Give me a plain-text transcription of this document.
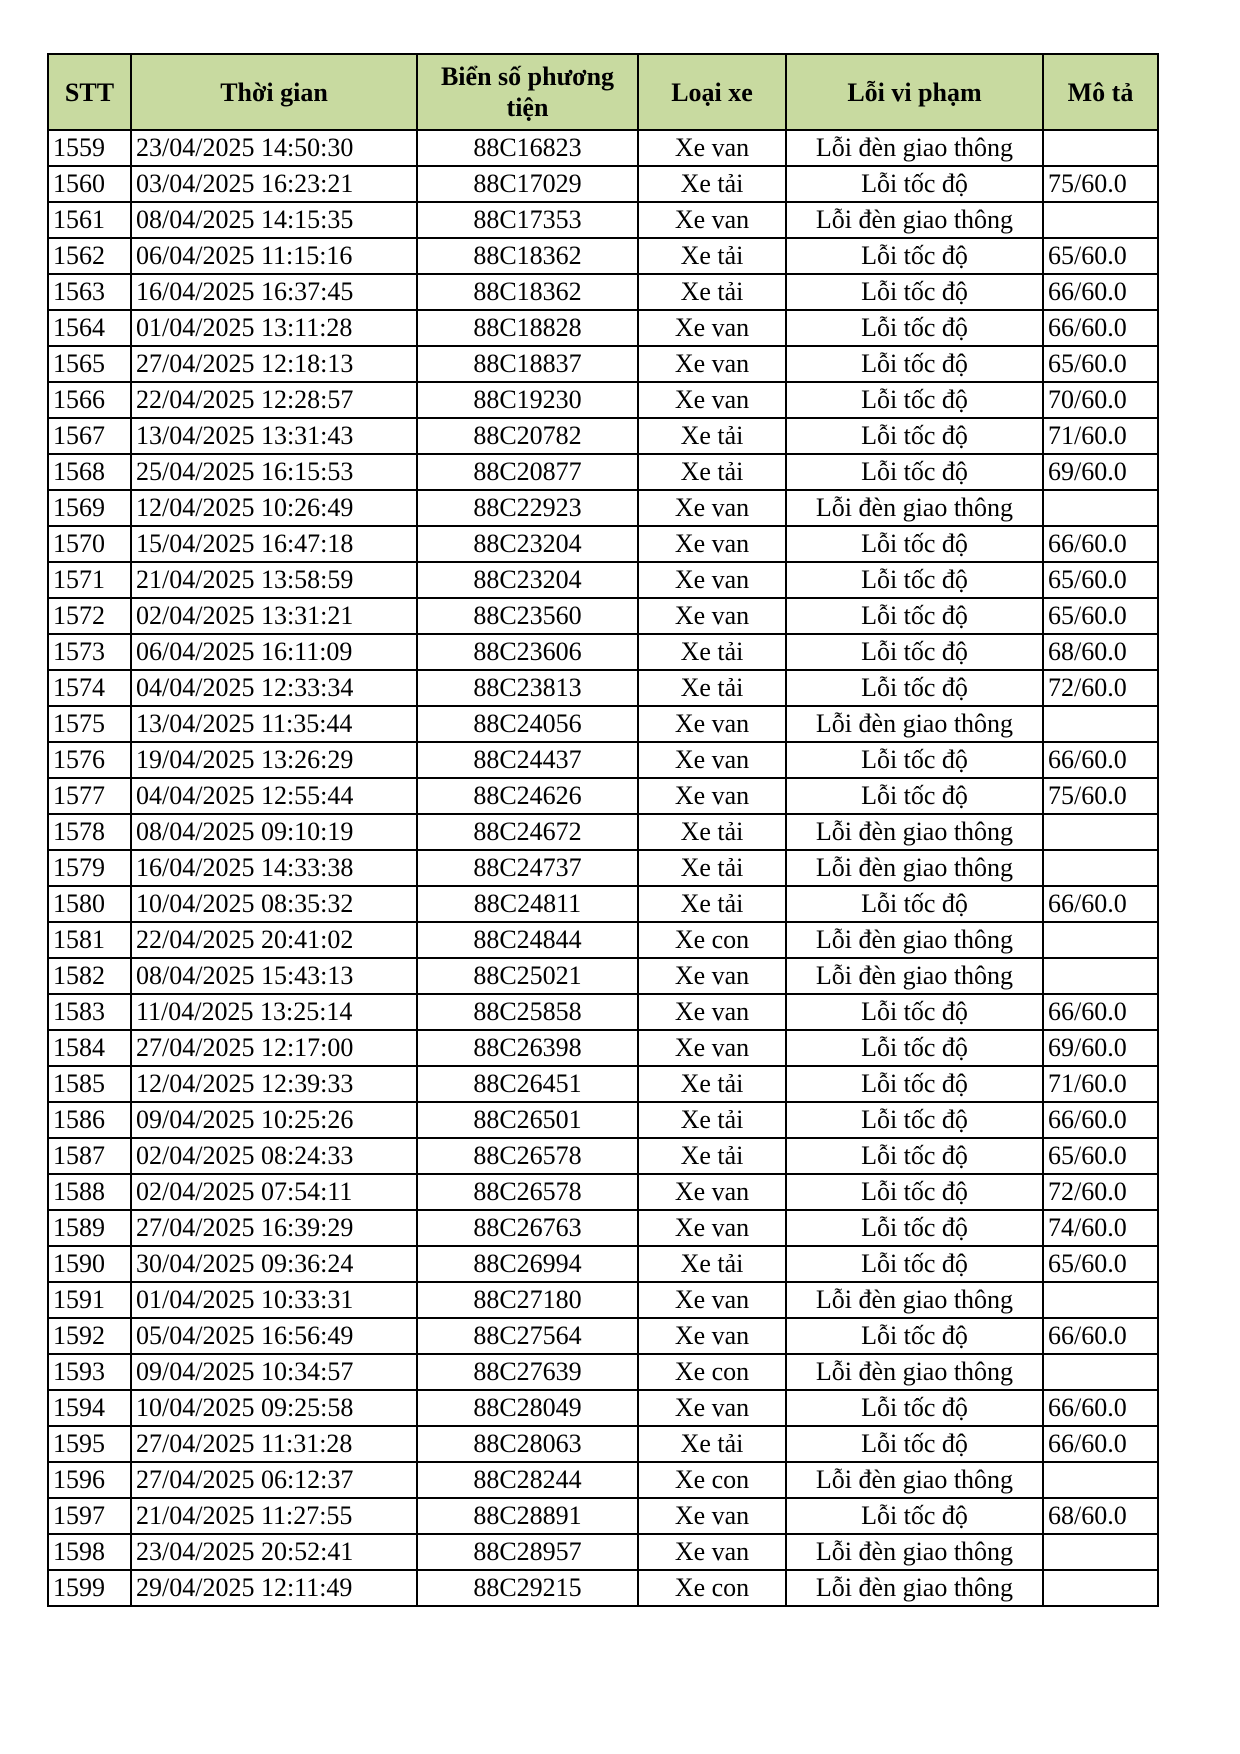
STT	Thời gian	Biển số phương tiện	Loại xe	Lỗi vi phạm	Mô tả
1559	23/04/2025 14:50:30	88C16823	Xe van	Lỗi đèn giao thông	
1560	03/04/2025 16:23:21	88C17029	Xe tải	Lỗi tốc độ	75/60.0
1561	08/04/2025 14:15:35	88C17353	Xe van	Lỗi đèn giao thông	
1562	06/04/2025 11:15:16	88C18362	Xe tải	Lỗi tốc độ	65/60.0
1563	16/04/2025 16:37:45	88C18362	Xe tải	Lỗi tốc độ	66/60.0
1564	01/04/2025 13:11:28	88C18828	Xe van	Lỗi tốc độ	66/60.0
1565	27/04/2025 12:18:13	88C18837	Xe van	Lỗi tốc độ	65/60.0
1566	22/04/2025 12:28:57	88C19230	Xe van	Lỗi tốc độ	70/60.0
1567	13/04/2025 13:31:43	88C20782	Xe tải	Lỗi tốc độ	71/60.0
1568	25/04/2025 16:15:53	88C20877	Xe tải	Lỗi tốc độ	69/60.0
1569	12/04/2025 10:26:49	88C22923	Xe van	Lỗi đèn giao thông	
1570	15/04/2025 16:47:18	88C23204	Xe van	Lỗi tốc độ	66/60.0
1571	21/04/2025 13:58:59	88C23204	Xe van	Lỗi tốc độ	65/60.0
1572	02/04/2025 13:31:21	88C23560	Xe van	Lỗi tốc độ	65/60.0
1573	06/04/2025 16:11:09	88C23606	Xe tải	Lỗi tốc độ	68/60.0
1574	04/04/2025 12:33:34	88C23813	Xe tải	Lỗi tốc độ	72/60.0
1575	13/04/2025 11:35:44	88C24056	Xe van	Lỗi đèn giao thông	
1576	19/04/2025 13:26:29	88C24437	Xe van	Lỗi tốc độ	66/60.0
1577	04/04/2025 12:55:44	88C24626	Xe van	Lỗi tốc độ	75/60.0
1578	08/04/2025 09:10:19	88C24672	Xe tải	Lỗi đèn giao thông	
1579	16/04/2025 14:33:38	88C24737	Xe tải	Lỗi đèn giao thông	
1580	10/04/2025 08:35:32	88C24811	Xe tải	Lỗi tốc độ	66/60.0
1581	22/04/2025 20:41:02	88C24844	Xe con	Lỗi đèn giao thông	
1582	08/04/2025 15:43:13	88C25021	Xe van	Lỗi đèn giao thông	
1583	11/04/2025 13:25:14	88C25858	Xe van	Lỗi tốc độ	66/60.0
1584	27/04/2025 12:17:00	88C26398	Xe van	Lỗi tốc độ	69/60.0
1585	12/04/2025 12:39:33	88C26451	Xe tải	Lỗi tốc độ	71/60.0
1586	09/04/2025 10:25:26	88C26501	Xe tải	Lỗi tốc độ	66/60.0
1587	02/04/2025 08:24:33	88C26578	Xe tải	Lỗi tốc độ	65/60.0
1588	02/04/2025 07:54:11	88C26578	Xe van	Lỗi tốc độ	72/60.0
1589	27/04/2025 16:39:29	88C26763	Xe van	Lỗi tốc độ	74/60.0
1590	30/04/2025 09:36:24	88C26994	Xe tải	Lỗi tốc độ	65/60.0
1591	01/04/2025 10:33:31	88C27180	Xe van	Lỗi đèn giao thông	
1592	05/04/2025 16:56:49	88C27564	Xe van	Lỗi tốc độ	66/60.0
1593	09/04/2025 10:34:57	88C27639	Xe con	Lỗi đèn giao thông	
1594	10/04/2025 09:25:58	88C28049	Xe van	Lỗi tốc độ	66/60.0
1595	27/04/2025 11:31:28	88C28063	Xe tải	Lỗi tốc độ	66/60.0
1596	27/04/2025 06:12:37	88C28244	Xe con	Lỗi đèn giao thông	
1597	21/04/2025 11:27:55	88C28891	Xe van	Lỗi tốc độ	68/60.0
1598	23/04/2025 20:52:41	88C28957	Xe van	Lỗi đèn giao thông	
1599	29/04/2025 12:11:49	88C29215	Xe con	Lỗi đèn giao thông	
